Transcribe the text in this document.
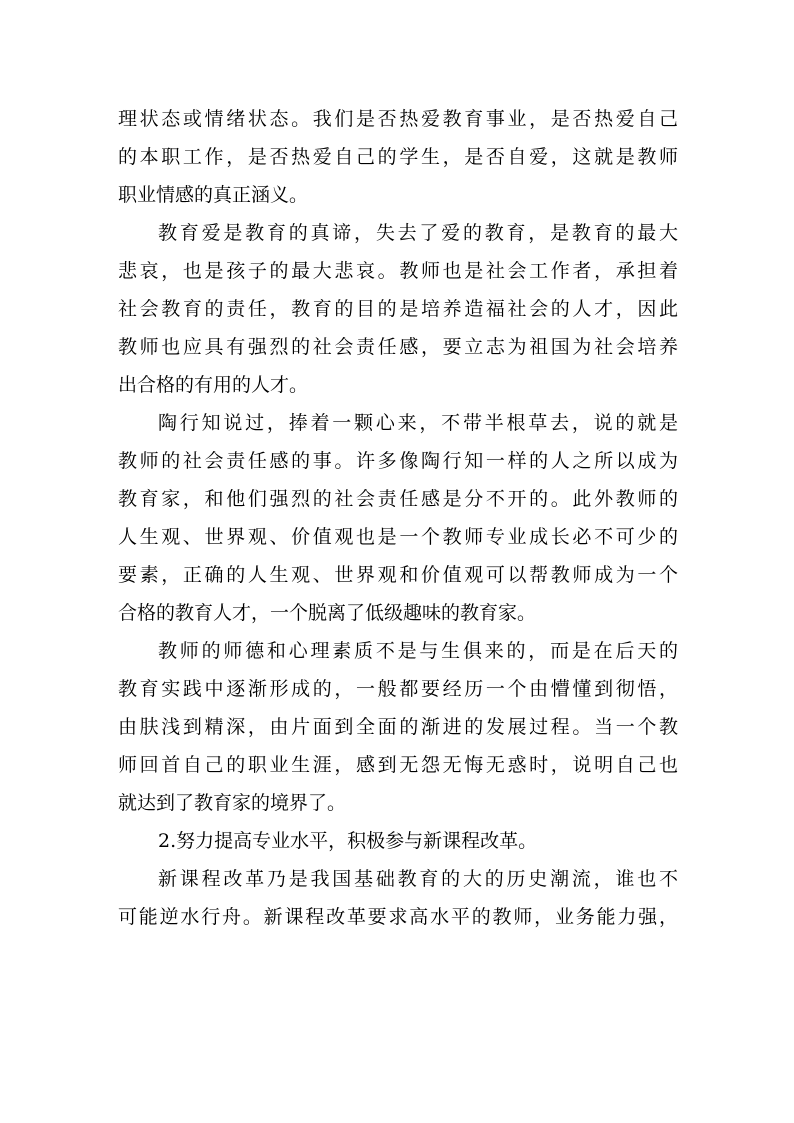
理状态或情绪状态。我们是否热爱教育事业，是否热爱自己
的本职工作，是否热爱自己的学生，是否自爱，这就是教师
职业情感的真正涵义。
教育爱是教育的真谛，失去了爱的教育，是教育的最大
悲哀，也是孩子的最大悲哀。教师也是社会工作者，承担着
社会教育的责任，教育的目的是培养造福社会的人才，因此
教师也应具有强烈的社会责任感，要立志为祖国为社会培养
出合格的有用的人才。
陶行知说过，捧着一颗心来，不带半根草去，说的就是
教师的社会责任感的事。许多像陶行知一样的人之所以成为
教育家，和他们强烈的社会责任感是分不开的。此外教师的
人生观、世界观、价值观也是一个教师专业成长必不可少的
要素，正确的人生观、世界观和价值观可以帮教师成为一个
合格的教育人才，一个脱离了低级趣味的教育家。
教师的师德和心理素质不是与生俱来的，而是在后天的
教育实践中逐渐形成的，一般都要经历一个由懵懂到彻悟，
由肤浅到精深，由片面到全面的渐进的发展过程。当一个教
师回首自己的职业生涯，感到无怨无悔无惑时，说明自己也
就达到了教育家的境界了。
2.努力提高专业水平，积极参与新课程改革。
新课程改革乃是我国基础教育的大的历史潮流，谁也不
可能逆水行舟。新课程改革要求高水平的教师，业务能力强，
